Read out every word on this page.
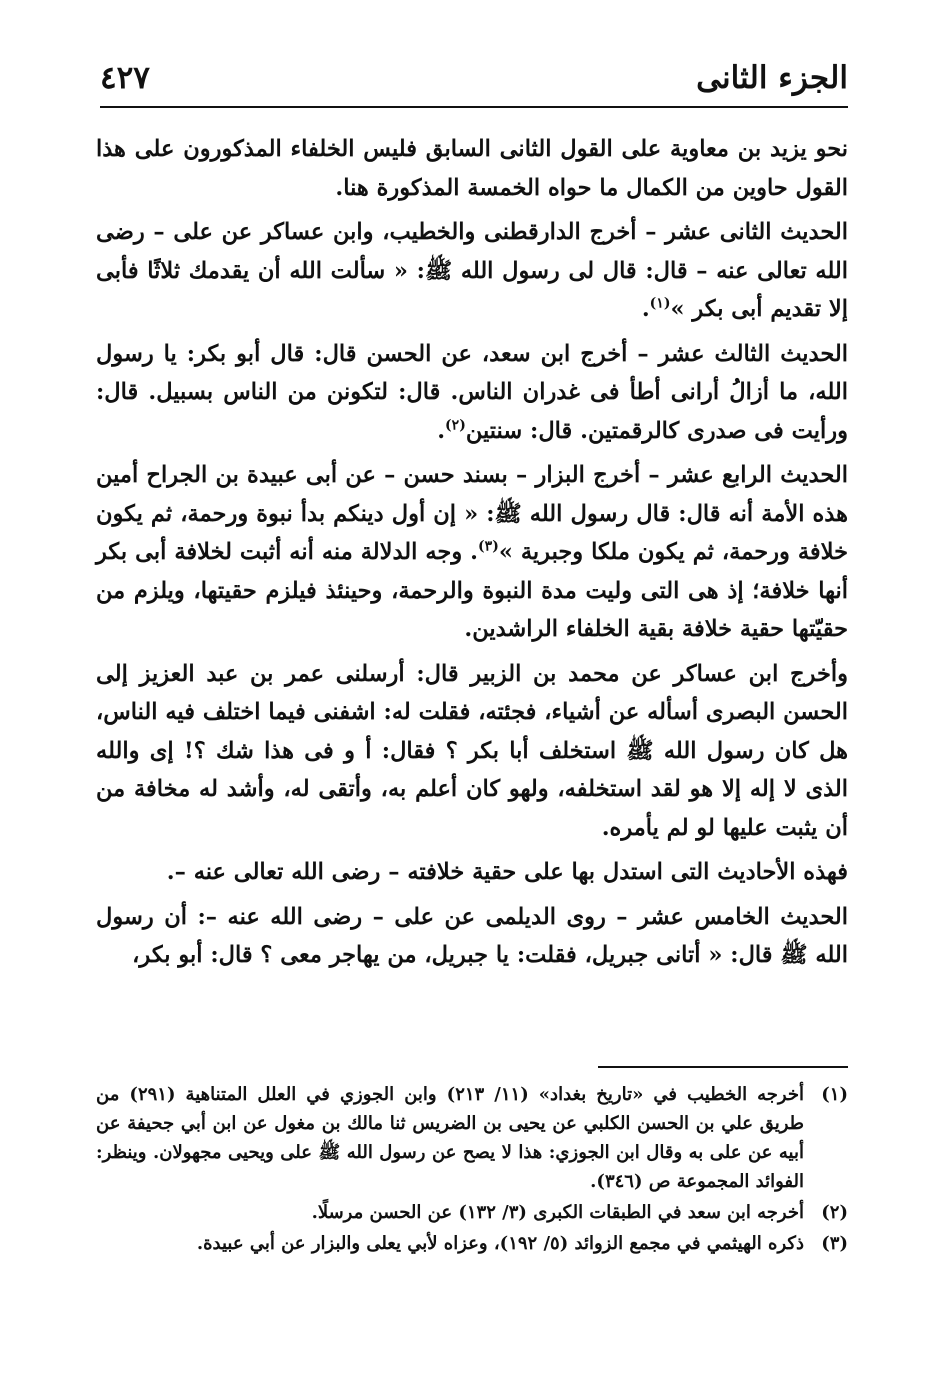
الجزء الثانى
٤٢٧

نحو يزيد بن معاوية على القول الثانى السابق فليس الخلفاء المذكورون على هذا القول حاوين من الكمال ما حواه الخمسة المذكورة هنا.

الحديث الثانى عشر – أخرج الدارقطنى والخطيب، وابن عساكر عن على – رضى الله تعالى عنه – قال: قال لى رسول الله ﷺ: « سألت الله أن يقدمك ثلاثًا فأبى إلا تقديم أبى بكر »$^{(١)}$.

الحديث الثالث عشر – أخرج ابن سعد، عن الحسن قال: قال أبو بكر: يا رسول الله، ما أزالُ أرانى أطأ فى غدران الناس. قال: لتكونن من الناس بسبيل. قال: ورأيت فى صدرى كالرقمتين. قال: سنتين$^{(٢)}$.

الحديث الرابع عشر – أخرج البزار – بسند حسن – عن أبى عبيدة بن الجراح أمين هذه الأمة أنه قال: قال رسول الله ﷺ: « إن أول دينكم بدأ نبوة ورحمة، ثم يكون خلافة ورحمة، ثم يكون ملكا وجبرية »$^{(٣)}$. وجه الدلالة منه أنه أثبت لخلافة أبى بكر أنها خلافة؛ إذ هى التى وليت مدة النبوة والرحمة، وحينئذ فيلزم حقيتها، ويلزم من حقيّتها حقية خلافة بقية الخلفاء الراشدين.

وأخرج ابن عساكر عن محمد بن الزبير قال: أرسلنى عمر بن عبد العزيز إلى الحسن البصرى أسأله عن أشياء، فجئته، فقلت له: اشفنى فيما اختلف فيه الناس، هل كان رسول الله ﷺ استخلف أبا بكر ؟ فقال: أ و فى هذا شك ؟! إى والله الذى لا إله إلا هو لقد استخلفه، ولهو كان أعلم به، وأتقى له، وأشد له مخافة من أن يثبت عليها لو لم يأمره.

فهذه الأحاديث التى استدل بها على حقية خلافته – رضى الله تعالى عنه –.

الحديث الخامس عشر – روى الديلمى عن على – رضى الله عنه –: أن رسول الله ﷺ قال: « أتانى جبريل، فقلت: يا جبريل، من يهاجر معى ؟ قال: أبو بكر،

(١)
أخرجه الخطيب في «تاريخ بغداد» (١١/ ٢١٣) وابن الجوزي في العلل المتناهية (٢٩١) من طريق علي بن الحسن الكلبي عن يحيى بن الضريس ثنا مالك بن مغول عن ابن أبي جحيفة عن أبيه عن على به وقال ابن الجوزي: هذا لا يصح عن رسول الله ﷺ على ويحيى مجهولان. وينظر: الفوائد المجموعة ص (٣٤٦).
(٢)
أخرجه ابن سعد في الطبقات الكبرى (٣/ ١٣٢) عن الحسن مرسلًا.
(٣)
ذكره الهيثمي في مجمع الزوائد (٥/ ١٩٢)، وعزاه لأبي يعلى والبزار عن أبي عبيدة.
